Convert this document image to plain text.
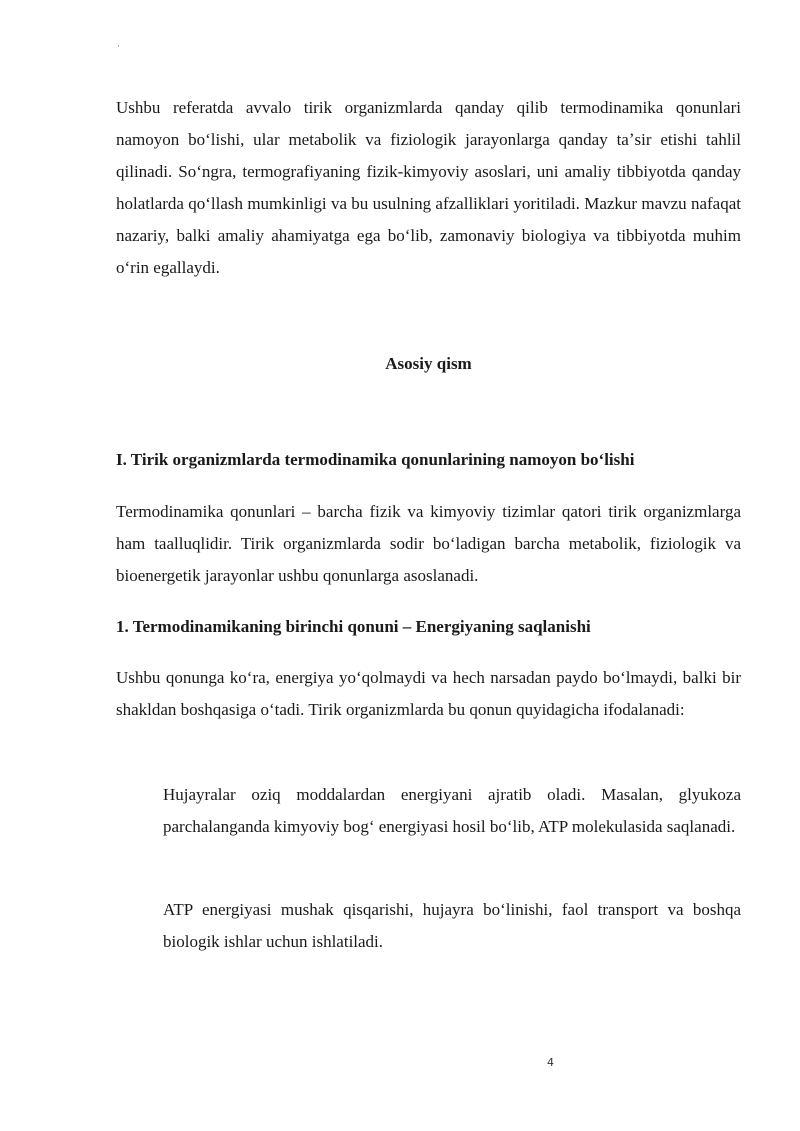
·

Ushbu referatda avvalo tirik organizmlarda qanday qilib termodinamika qonunlari namoyon boʻlishi, ular metabolik va fiziologik jarayonlarga qanday taʼsir etishi tahlil qilinadi. Soʻngra, termografiyaning fizik-kimyoviy asoslari, uni amaliy tibbiyotda qanday holatlarda qoʻllash mumkinligi va bu usulning afzalliklari yoritiladi. Mazkur mavzu nafaqat nazariy, balki amaliy ahamiyatga ega boʻlib, zamonaviy biologiya va tibbiyotda muhim oʻrin egallaydi.

Asosiy qism
I. Tirik organizmlarda termodinamika qonunlarining namoyon boʻlishi

Termodinamika qonunlari – barcha fizik va kimyoviy tizimlar qatori tirik organizmlarga ham taalluqlidir. Tirik organizmlarda sodir boʻladigan barcha metabolik, fiziologik va bioenergetik jarayonlar ushbu qonunlarga asoslanadi.

1. Termodinamikaning birinchi qonuni – Energiyaning saqlanishi

Ushbu qonunga koʻra, energiya yoʻqolmaydi va hech narsadan paydo boʻlmaydi, balki bir shakldan boshqasiga oʻtadi. Tirik organizmlarda bu qonun quyidagicha ifodalanadi:

Hujayralar oziq moddalardan energiyani ajratib oladi. Masalan, glyukoza parchalanganda kimyoviy bogʻ energiyasi hosil boʻlib, ATP molekulasida saqlanadi.

ATP energiyasi mushak qisqarishi, hujayra boʻlinishi, faol transport va boshqa biologik ishlar uchun ishlatiladi.

4
